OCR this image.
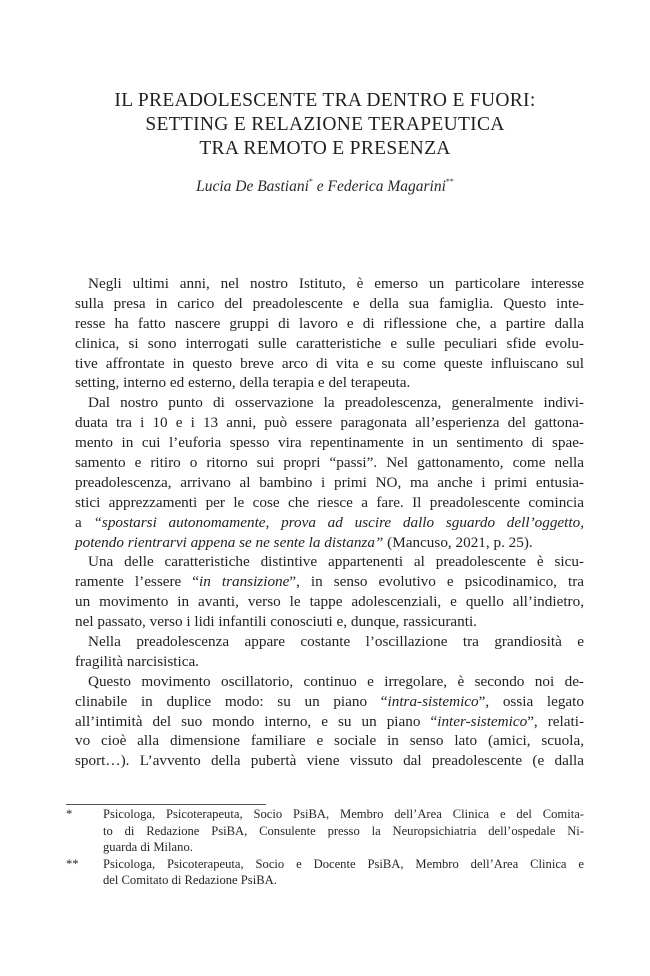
IL PREADOLESCENTE TRA DENTRO E FUORI:
SETTING E RELAZIONE TERAPEUTICA
TRA REMOTO E PRESENZA
Lucia De Bastiani* e Federica Magarini**
Negli ultimi anni, nel nostro Istituto, è emerso un particolare interesse
sulla presa in carico del preadolescente e della sua famiglia. Questo inte-
resse ha fatto nascere gruppi di lavoro e di riflessione che, a partire dalla
clinica, si sono interrogati sulle caratteristiche e sulle peculiari sfide evolu-
tive affrontate in questo breve arco di vita e su come queste influiscano sul
setting, interno ed esterno, della terapia e del terapeuta.
Dal nostro punto di osservazione la preadolescenza, generalmente indivi-
duata tra i 10 e i 13 anni, può essere paragonata all’esperienza del gattona-
mento in cui l’euforia spesso vira repentinamente in un sentimento di spae-
samento e ritiro o ritorno sui propri “passi”. Nel gattonamento, come nella
preadolescenza, arrivano al bambino i primi NO, ma anche i primi entusia-
stici apprezzamenti per le cose che riesce a fare. Il preadolescente comincia
a “spostarsi autonomamente, prova ad uscire dallo sguardo dell’oggetto,
potendo rientrarvi appena se ne sente la distanza” (Mancuso, 2021, p. 25).
Una delle caratteristiche distintive appartenenti al preadolescente è sicu-
ramente l’essere “in transizione”, in senso evolutivo e psicodinamico, tra
un movimento in avanti, verso le tappe adolescenziali, e quello all’indietro,
nel passato, verso i lidi infantili conosciuti e, dunque, rassicuranti.
Nella preadolescenza appare costante l’oscillazione tra grandiosità e
fragilità narcisistica.
Questo movimento oscillatorio, continuo e irregolare, è secondo noi de-
clinabile in duplice modo: su un piano “intra-sistemico”, ossia legato
all’intimità del suo mondo interno, e su un piano “inter-sistemico”, relati-
vo cioè alla dimensione familiare e sociale in senso lato (amici, scuola,
sport…). L’avvento della pubertà viene vissuto dal preadolescente (e dalla
*	Psicologa, Psicoterapeuta, Socio PsiBA, Membro dell’Area Clinica e del Comita-
to di Redazione PsiBA, Consulente presso la Neuropsichiatria dell’ospedale Ni-
guarda di Milano.
**	Psicologa, Psicoterapeuta, Socio e Docente PsiBA, Membro dell’Area Clinica e
del Comitato di Redazione PsiBA.
